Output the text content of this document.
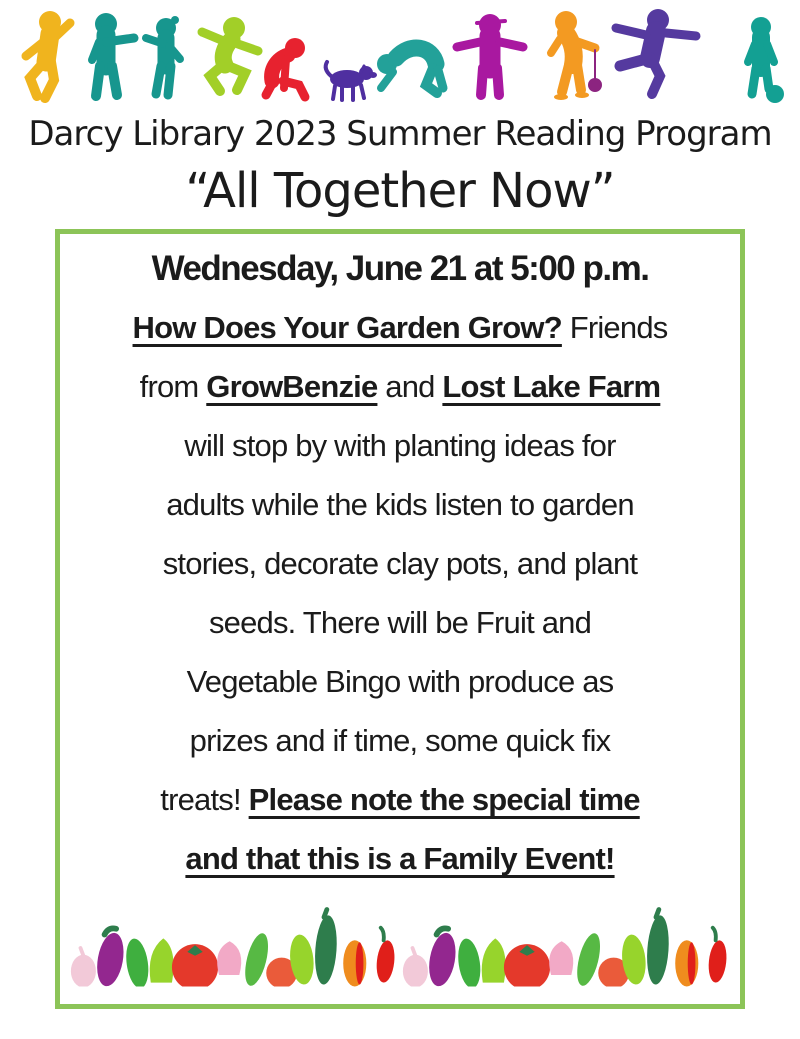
Darcy Library 2023 Summer Reading Program
“All Together Now”
Wednesday, June 21 at 5:00 p.m.
How Does Your Garden Grow? Friends
from GrowBenzie and Lost Lake Farm
will stop by with planting ideas for
adults while the kids listen to garden
stories, decorate clay pots, and plant
seeds. There will be Fruit and
Vegetable Bingo with produce as
prizes and if time, some quick fix
treats! Please note the special time
and that this is a Family Event!
